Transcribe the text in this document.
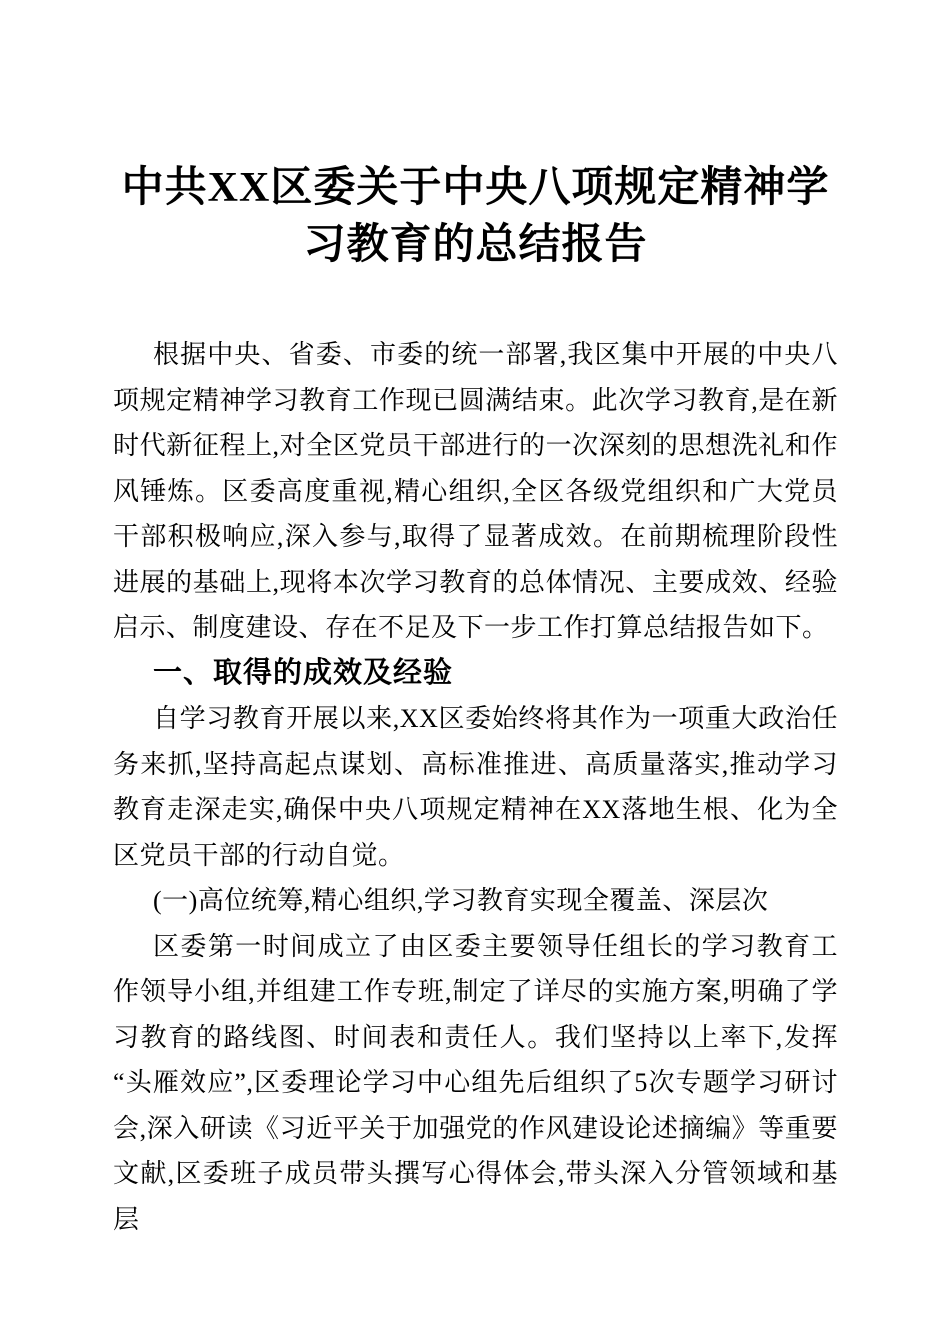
中共XX区委关于中央八项规定精神学习教育的总结报告

根据中央、省委、市委的统一部署,我区集中开展的中央八项规定精神学习教育工作现已圆满结束。此次学习教育,是在新时代新征程上,对全区党员干部进行的一次深刻的思想洗礼和作风锤炼。区委高度重视,精心组织,全区各级党组织和广大党员干部积极响应,深入参与,取得了显著成效。在前期梳理阶段性进展的基础上,现将本次学习教育的总体情况、主要成效、经验启示、制度建设、存在不足及下一步工作打算总结报告如下。

一、取得的成效及经验

自学习教育开展以来,XX区委始终将其作为一项重大政治任务来抓,坚持高起点谋划、高标准推进、高质量落实,推动学习教育走深走实,确保中央八项规定精神在XX落地生根、化为全区党员干部的行动自觉。

(一)高位统筹,精心组织,学习教育实现全覆盖、深层次

区委第一时间成立了由区委主要领导任组长的学习教育工作领导小组,并组建工作专班,制定了详尽的实施方案,明确了学习教育的路线图、时间表和责任人。我们坚持以上率下,发挥“头雁效应”,区委理论学习中心组先后组织了5次专题学习研讨会,深入研读《习近平关于加强党的作风建设论述摘编》等重要文献,区委班子成员带头撰写心得体会,带头深入分管领域和基层
